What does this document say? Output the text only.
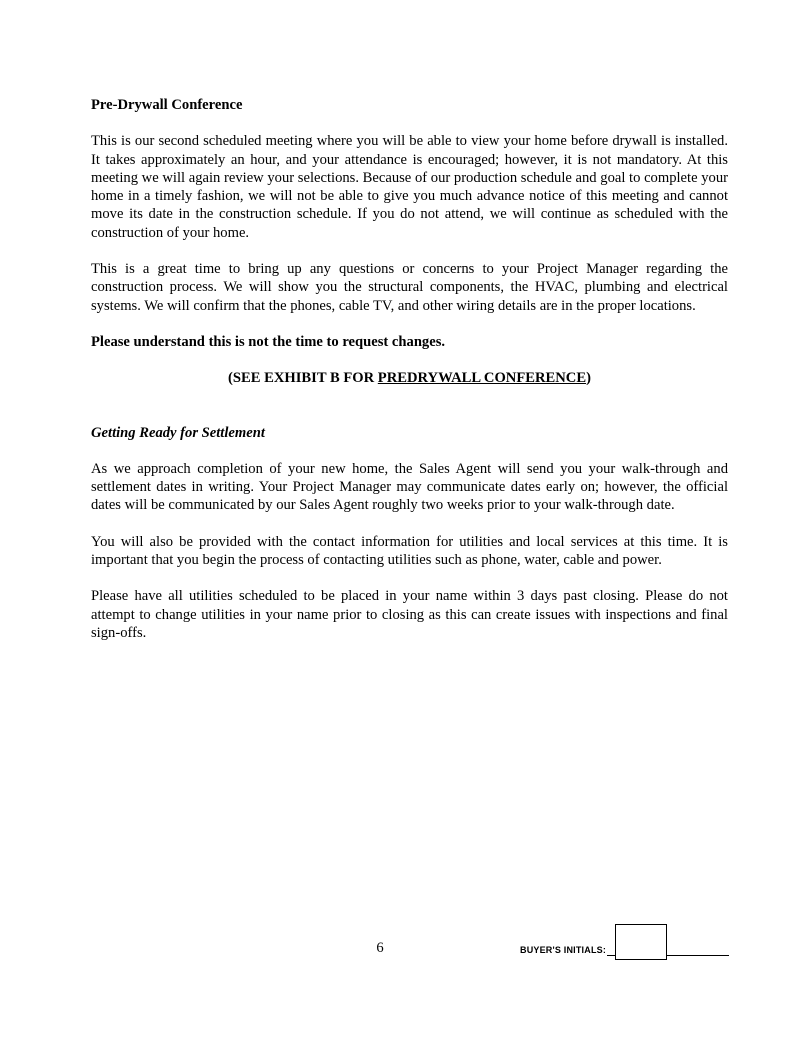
Pre-Drywall Conference

This is our second scheduled meeting where you will be able to view your home before drywall is installed. It takes approximately an hour, and your attendance is encouraged; however, it is not mandatory. At this meeting we will again review your selections. Because of our production schedule and goal to complete your home in a timely fashion, we will not be able to give you much advance notice of this meeting and cannot move its date in the construction schedule. If you do not attend, we will continue as scheduled with the construction of your home.

This is a great time to bring up any questions or concerns to your Project Manager regarding the construction process. We will show you the structural components, the HVAC, plumbing and electrical systems. We will confirm that the phones, cable TV, and other wiring details are in the proper locations.

Please understand this is not the time to request changes.

(SEE EXHIBIT B FOR PREDRYWALL CONFERENCE)

Getting Ready for Settlement

As we approach completion of your new home, the Sales Agent will send you your walk-through and settlement dates in writing. Your Project Manager may communicate dates early on; however, the official dates will be communicated by our Sales Agent roughly two weeks prior to your walk-through date.

You will also be provided with the contact information for utilities and local services at this time. It is important that you begin the process of contacting utilities such as phone, water, cable and power.

Please have all utilities scheduled to be placed in your name within 3 days past closing. Please do not attempt to change utilities in your name prior to closing as this can create issues with inspections and final sign-offs.

6	BUYER'S INITIALS:
